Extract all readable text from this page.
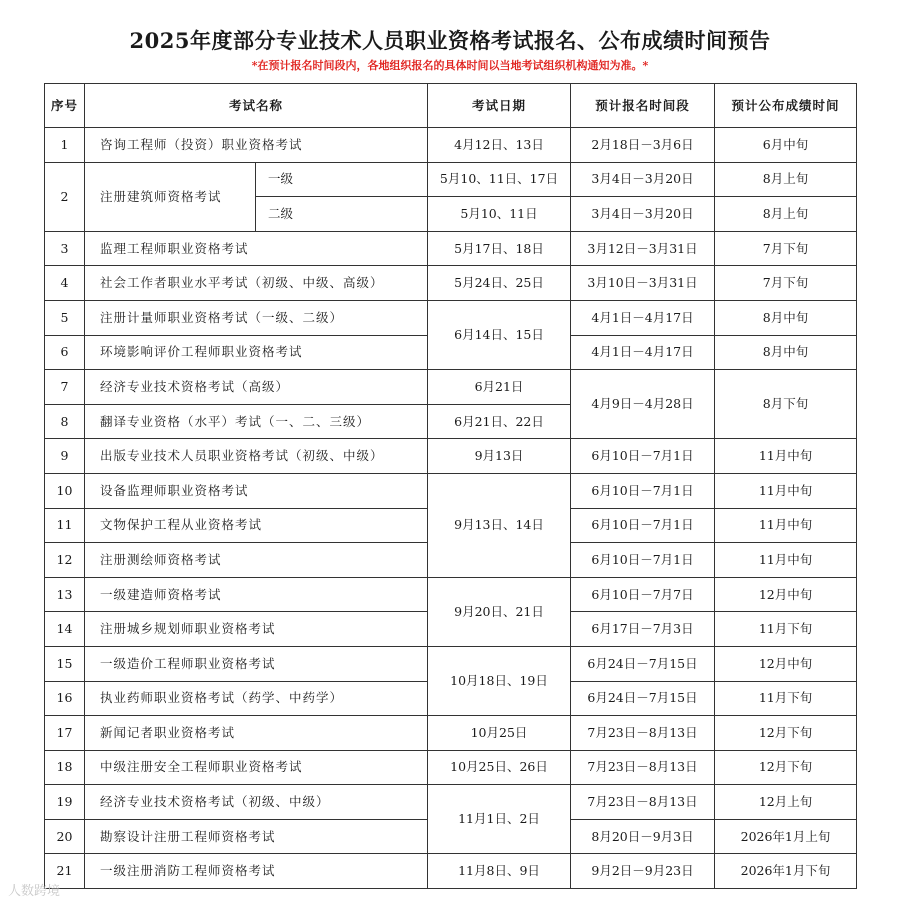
2025年度部分专业技术人员职业资格考试报名、公布成绩时间预告
*在预计报名时间段内，各地组织报名的具体时间以当地考试组织机构通知为准。*
序号	考试名称		考试日期	预计报名时间段	预计公布成绩时间
1	咨询工程师（投资）职业资格考试		4月12日、13日	2月18日－3月6日	6月中旬
2	注册建筑师资格考试	一级	5月10、11日、17日	3月4日－3月20日	8月上旬
		二级	5月10、11日	3月4日－3月20日	8月上旬
3	监理工程师职业资格考试		5月17日、18日	3月12日－3月31日	7月下旬
4	社会工作者职业水平考试（初级、中级、高级）		5月24日、25日	3月10日－3月31日	7月下旬
5	注册计量师职业资格考试（一级、二级）		6月14日、15日	4月1日－4月17日	8月中旬
6	环境影响评价工程师职业资格考试			4月1日－4月17日	8月中旬
7	经济专业技术资格考试（高级）		6月21日	4月9日－4月28日	8月下旬
8	翻译专业资格（水平）考试（一、二、三级）		6月21日、22日		
9	出版专业技术人员职业资格考试（初级、中级）		9月13日	6月10日－7月1日	11月中旬
10	设备监理师职业资格考试		9月13日、14日	6月10日－7月1日	11月中旬
11	文物保护工程从业资格考试			6月10日－7月1日	11月中旬
12	注册测绘师资格考试			6月10日－7月1日	11月中旬
13	一级建造师资格考试		9月20日、21日	6月10日－7月7日	12月中旬
14	注册城乡规划师职业资格考试			6月17日－7月3日	11月下旬
15	一级造价工程师职业资格考试		10月18日、19日	6月24日－7月15日	12月中旬
16	执业药师职业资格考试（药学、中药学）			6月24日－7月15日	11月下旬
17	新闻记者职业资格考试		10月25日	7月23日－8月13日	12月下旬
18	中级注册安全工程师职业资格考试		10月25日、26日	7月23日－8月13日	12月下旬
19	经济专业技术资格考试（初级、中级）		11月1日、2日	7月23日－8月13日	12月上旬
20	勘察设计注册工程师资格考试			8月20日－9月3日	2026年1月上旬
21	一级注册消防工程师资格考试		11月8日、9日	9月2日－9月23日	2026年1月下旬
人数跨境
